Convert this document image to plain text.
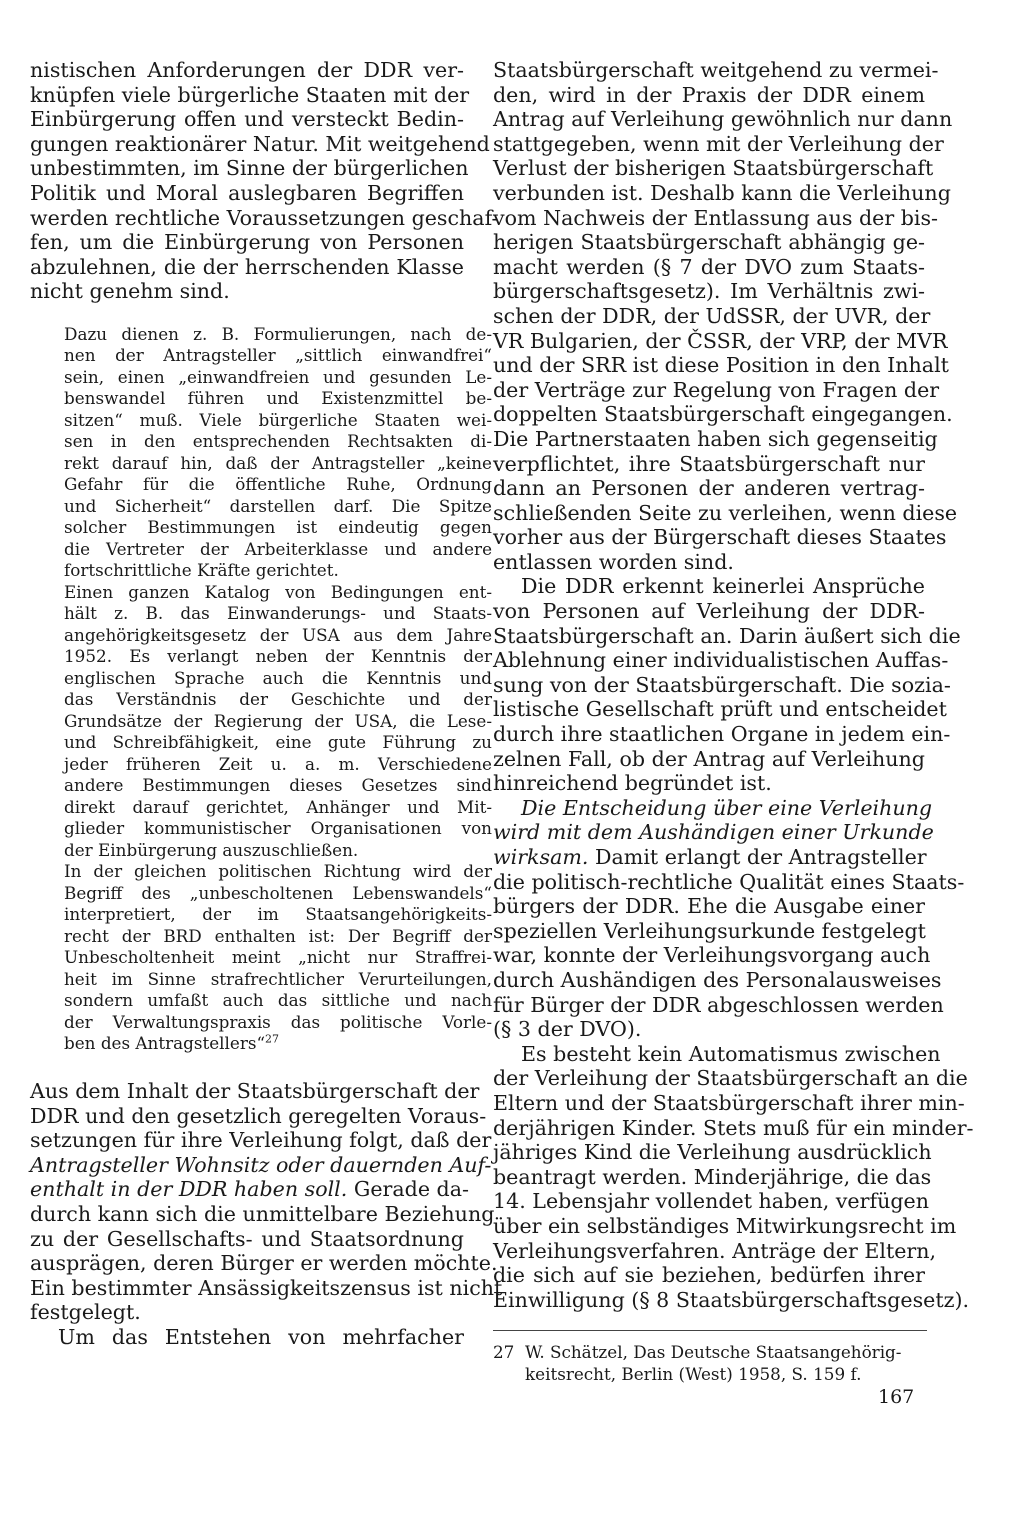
nistischen Anforderungen der DDR ver-
knüpfen viele bürgerliche Staaten mit der
Einbürgerung offen und versteckt Bedin-
gungen reaktionärer Natur. Mit weitgehend
unbestimmten, im Sinne der bürgerlichen
Politik und Moral auslegbaren Begriffen
werden rechtliche Voraussetzungen geschaf-
fen, um die Einbürgerung von Personen
abzulehnen, die der herrschenden Klasse
nicht genehm sind.
Dazu dienen z. B. Formulierungen, nach de-
nen der Antragsteller „sittlich einwandfrei“
sein, einen „einwandfreien und gesunden Le-
benswandel führen und Existenzmittel be-
sitzen“ muß. Viele bürgerliche Staaten wei-
sen in den entsprechenden Rechtsakten di-
rekt darauf hin, daß der Antragsteller „keine
Gefahr für die öffentliche Ruhe, Ordnung
und Sicherheit“ darstellen darf. Die Spitze
solcher Bestimmungen ist eindeutig gegen
die Vertreter der Arbeiterklasse und andere
fortschrittliche Kräfte gerichtet.
Einen ganzen Katalog von Bedingungen ent-
hält z. B. das Einwanderungs- und Staats-
angehörigkeitsgesetz der USA aus dem Jahre
1952. Es verlangt neben der Kenntnis der
englischen Sprache auch die Kenntnis und
das Verständnis der Geschichte und der
Grundsätze der Regierung der USA, die Lese-
und Schreibfähigkeit, eine gute Führung zu
jeder früheren Zeit u. a. m. Verschiedene
andere Bestimmungen dieses Gesetzes sind
direkt darauf gerichtet, Anhänger und Mit-
glieder kommunistischer Organisationen von
der Einbürgerung auszuschließen.
In der gleichen politischen Richtung wird der
Begriff des „unbescholtenen Lebenswandels“
interpretiert, der im Staatsangehörigkeits-
recht der BRD enthalten ist: Der Begriff der
Unbescholtenheit meint „nicht nur Straffrei-
heit im Sinne strafrechtlicher Verurteilungen,
sondern umfaßt auch das sittliche und nach
der Verwaltungspraxis das politische Vorle-
ben des Antragstellers“$^{27}$
Aus dem Inhalt der Staatsbürgerschaft der
DDR und den gesetzlich geregelten Voraus-
setzungen für ihre Verleihung folgt, daß der
Antragsteller Wohnsitz oder dauernden Auf-
enthalt in der DDR haben soll. Gerade da-
durch kann sich die unmittelbare Beziehung
zu der Gesellschafts- und Staatsordnung
ausprägen, deren Bürger er werden möchte.
Ein bestimmter Ansässigkeitszensus ist nicht
festgelegt.
Um das Entstehen von mehrfacher
Staatsbürgerschaft weitgehend zu vermei-
den, wird in der Praxis der DDR einem
Antrag auf Verleihung gewöhnlich nur dann
stattgegeben, wenn mit der Verleihung der
Verlust der bisherigen Staatsbürgerschaft
verbunden ist. Deshalb kann die Verleihung
vom Nachweis der Entlassung aus der bis-
herigen Staatsbürgerschaft abhängig ge-
macht werden (§ 7 der DVO zum Staats-
bürgerschaftsgesetz). Im Verhältnis zwi-
schen der DDR, der UdSSR, der UVR, der
VR Bulgarien, der ČSSR, der VRP, der MVR
und der SRR ist diese Position in den Inhalt
der Verträge zur Regelung von Fragen der
doppelten Staatsbürgerschaft eingegangen.
Die Partnerstaaten haben sich gegenseitig
verpflichtet, ihre Staatsbürgerschaft nur
dann an Personen der anderen vertrag-
schließenden Seite zu verleihen, wenn diese
vorher aus der Bürgerschaft dieses Staates
entlassen worden sind.
Die DDR erkennt keinerlei Ansprüche
von Personen auf Verleihung der DDR-
Staatsbürgerschaft an. Darin äußert sich die
Ablehnung einer individualistischen Auffas-
sung von der Staatsbürgerschaft. Die sozia-
listische Gesellschaft prüft und entscheidet
durch ihre staatlichen Organe in jedem ein-
zelnen Fall, ob der Antrag auf Verleihung
hinreichend begründet ist.
Die Entscheidung über eine Verleihung
wird mit dem Aushändigen einer Urkunde
wirksam. Damit erlangt der Antragsteller
die politisch-rechtliche Qualität eines Staats-
bürgers der DDR. Ehe die Ausgabe einer
speziellen Verleihungsurkunde festgelegt
war, konnte der Verleihungsvorgang auch
durch Aushändigen des Personalausweises
für Bürger der DDR abgeschlossen werden
(§ 3 der DVO).
Es besteht kein Automatismus zwischen
der Verleihung der Staatsbürgerschaft an die
Eltern und der Staatsbürgerschaft ihrer min-
derjährigen Kinder. Stets muß für ein minder-
jähriges Kind die Verleihung ausdrücklich
beantragt werden. Minderjährige, die das
14. Lebensjahr vollendet haben, verfügen
über ein selbständiges Mitwirkungsrecht im
Verleihungsverfahren. Anträge der Eltern,
die sich auf sie beziehen, bedürfen ihrer
Einwilligung (§ 8 Staatsbürgerschaftsgesetz).
27 W. Schätzel, Das Deutsche Staatsangehörig-
keitsrecht, Berlin (West) 1958, S. 159 f.
167
